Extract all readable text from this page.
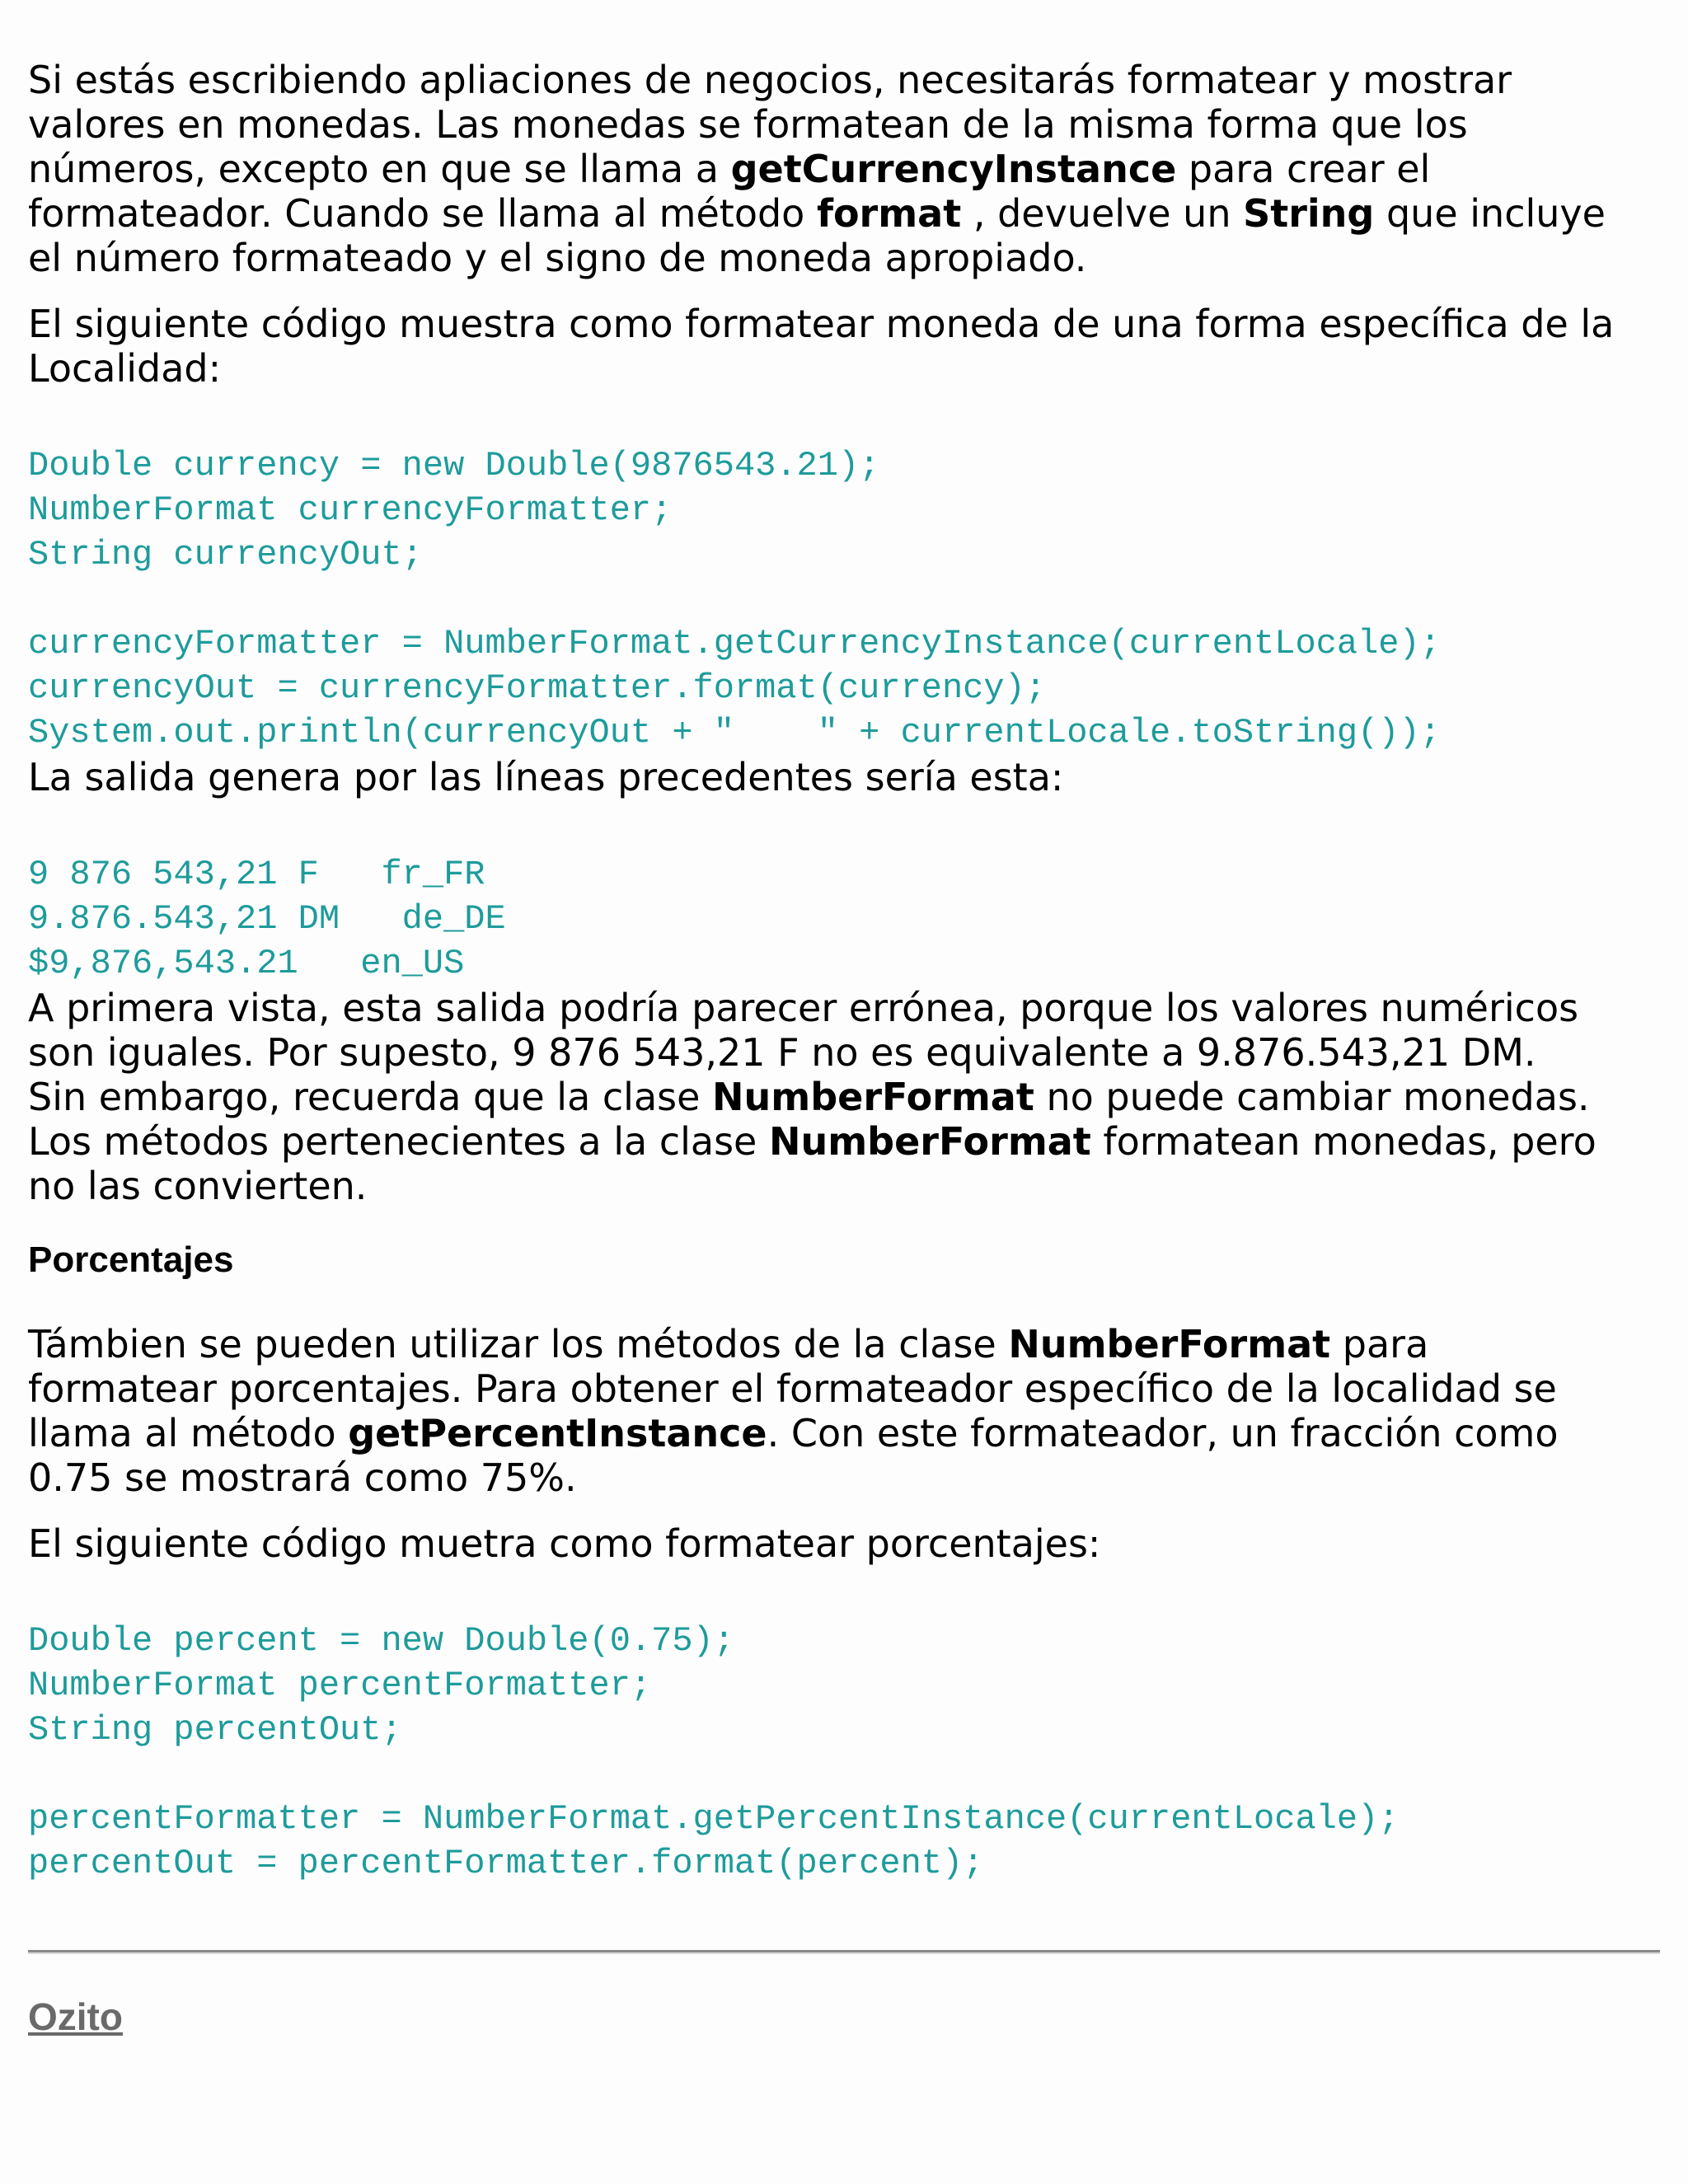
Si estás escribiendo apliaciones de negocios, necesitarás formatear y mostrar
valores en monedas. Las monedas se formatean de la misma forma que los
números, excepto en que se llama a getCurrencyInstance para crear el
formateador. Cuando se llama al método format , devuelve un String que incluye
el número formateado y el signo de moneda apropiado.

El siguiente código muestra como formatear moneda de una forma específica de la
Localidad:

Double currency = new Double(9876543.21);
NumberFormat currencyFormatter;
String currencyOut;

currencyFormatter = NumberFormat.getCurrencyInstance(currentLocale);
currencyOut = currencyFormatter.format(currency);
System.out.println(currencyOut + "    " + currentLocale.toString());

La salida genera por las líneas precedentes sería esta:

9 876 543,21 F   fr_FR
9.876.543,21 DM   de_DE
$9,876,543.21   en_US

A primera vista, esta salida podría parecer errónea, porque los valores numéricos
son iguales. Por supesto, 9 876 543,21 F no es equivalente a 9.876.543,21 DM.
Sin embargo, recuerda que la clase NumberFormat no puede cambiar monedas.
Los métodos pertenecientes a la clase NumberFormat formatean monedas, pero
no las convierten.

Porcentajes

Támbien se pueden utilizar los métodos de la clase NumberFormat para
formatear porcentajes. Para obtener el formateador específico de la localidad se
llama al método getPercentInstance. Con este formateador, un fracción como
0.75 se mostrará como 75%.

El siguiente código muetra como formatear porcentajes:

Double percent = new Double(0.75);
NumberFormat percentFormatter;
String percentOut;

percentFormatter = NumberFormat.getPercentInstance(currentLocale);
percentOut = percentFormatter.format(percent);
Ozito
